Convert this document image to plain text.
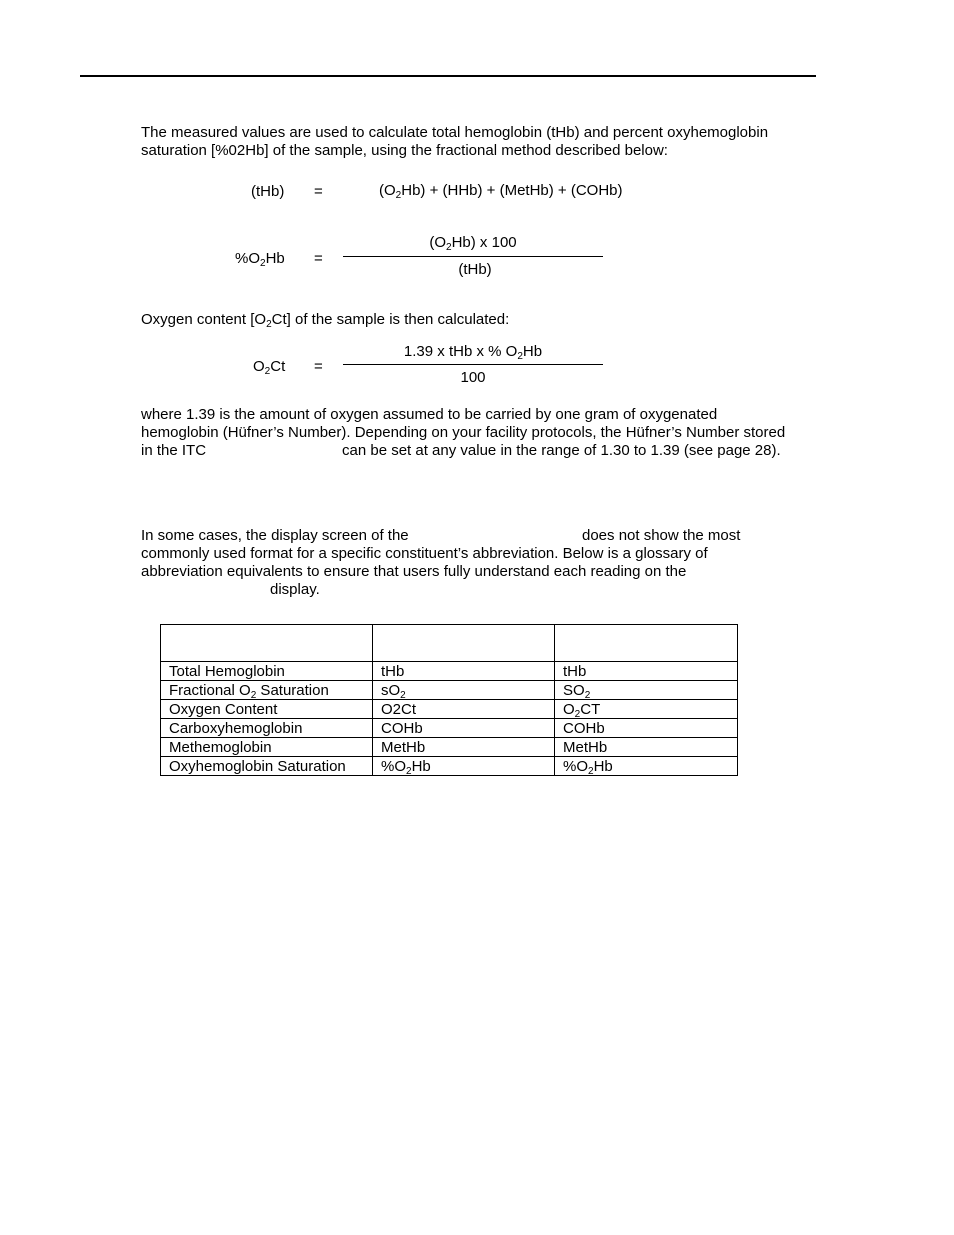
The measured values are used to calculate total hemoglobin (tHb) and percent oxyhemoglobin
saturation [%02Hb] of the sample, using the fractional method described below:

(tHb) =	$(O_2Hb) + (HHb)$ + (MetHb) + (COHb)
$\%O_2Hb$ =
$(O_2Hb)$ x 100
(tHb)

Oxygen content $[O_2Ct]$ of the sample is then calculated:

$O_2Ct$ =
1.39 x tHb x % $O_2Hb$
100
where 1.39 is the amount of oxygen assumed to be carried by one gram of oxygenated
hemoglobin (Hüfner’s Number). Depending on your facility protocols, the Hüfner’s Number stored
in the ITC	can be set at any value in the range of 1.30 to 1.39 (see page 28).
In some cases, the display screen of the	does not show the most
commonly used format for a specific constituent’s abbreviation. Below is a glossary of
abbreviation equivalents to ensure that users fully understand each reading on the
display.

Total Hemoglobin	tHb	tHb
Fractional $O_2$ Saturation	$sO_2$	$SO_2$
Oxygen Content	O2Ct	$O_2CT$
Carboxyhemoglobin	COHb	COHb
Methemoglobin	MetHb	MetHb
Oxyhemoglobin Saturation	$\%O_2Hb$	$\%O_2Hb$
